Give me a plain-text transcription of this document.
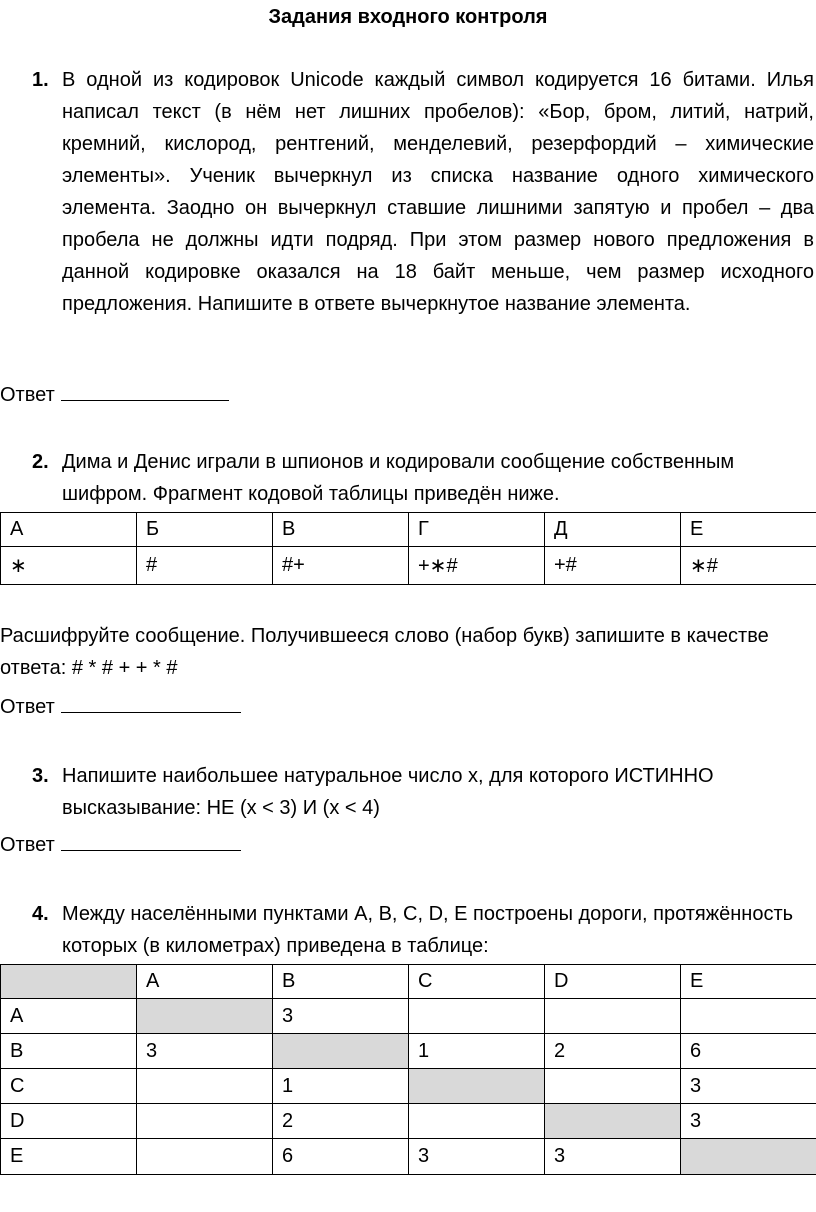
Задания входного контроля
1. В одной из кодировок Unicode каждый символ кодируется 16 битами. Илья написал текст (в нём нет лишних пробелов): «Бор, бром, литий, натрий, кремний, кислород, рентгений, менделевий, резерфордий – химические элементы». Ученик вычеркнул из списка название одного химического элемента. Заодно он вычеркнул ставшие лишними запятую и пробел – два пробела не должны идти подряд. При этом размер нового предложения в данной кодировке оказался на 18 байт меньше, чем размер исходного предложения. Напишите в ответе вычеркнутое название элемента.
Ответ
2. Дима и Денис играли в шпионов и кодировали сообщение собственным шифром. Фрагмент кодовой таблицы приведён ниже.
А	Б	В	Г	Д	Е
∗	#	#+	+∗#	+#	∗#
Расшифруйте сообщение. Получившееся слово (набор букв) запишите в качестве ответа: # * # + + * #
Ответ
3. Напишите наибольшее натуральное число x, для которого ИСТИННО высказывание: НЕ (x < 3) И (x < 4)
Ответ
4. Между населёнными пунктами A, B, C, D, E построены дороги, протяжённость которых (в километрах) приведена в таблице:
	A	B	C	D	E
A		3			
B	3		1	2	6
C		1			3
D		2			3
E		6	3	3	
